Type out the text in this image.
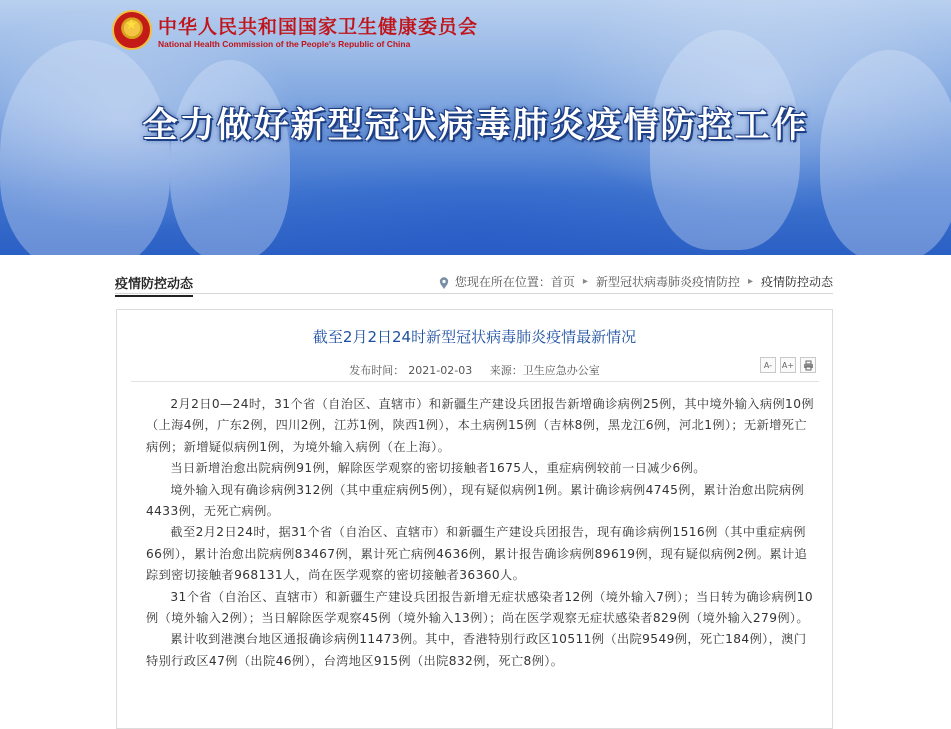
★ 中华人民共和国国家卫生健康委员会
National Health Commission of the People's Republic of China
全力做好新型冠状病毒肺炎疫情防控工作
疫情防控动态	您现在所在位置： 首页 ▸ 新型冠状病毒肺炎疫情防控 ▸ 疫情防控动态
截至2月2日24时新型冠状病毒肺炎疫情最新情况
发布时间： 2021-02-03 来源：卫生应急办公室	A- A+

2月2日0—24时，31个省（自治区、直辖市）和新疆生产建设兵团报告新增确诊病例25例，其中境外输入病例10例（上海4例，广东2例，四川2例，江苏1例，陕西1例），本土病例15例（吉林8例，黑龙江6例，河北1例）；无新增死亡病例；新增疑似病例1例，为境外输入病例（在上海）。

当日新增治愈出院病例91例，解除医学观察的密切接触者1675人，重症病例较前一日减少6例。

境外输入现有确诊病例312例（其中重症病例5例），现有疑似病例1例。累计确诊病例4745例，累计治愈出院病例4433例，无死亡病例。

截至2月2日24时，据31个省（自治区、直辖市）和新疆生产建设兵团报告，现有确诊病例1516例（其中重症病例66例），累计治愈出院病例83467例，累计死亡病例4636例，累计报告确诊病例89619例，现有疑似病例2例。累计追踪到密切接触者968131人，尚在医学观察的密切接触者36360人。

31个省（自治区、直辖市）和新疆生产建设兵团报告新增无症状感染者12例（境外输入7例）；当日转为确诊病例10例（境外输入2例）；当日解除医学观察45例（境外输入13例）；尚在医学观察无症状感染者829例（境外输入279例）。

累计收到港澳台地区通报确诊病例11473例。其中，香港特别行政区10511例（出院9549例，死亡184例），澳门特别行政区47例（出院46例），台湾地区915例（出院832例，死亡8例）。
